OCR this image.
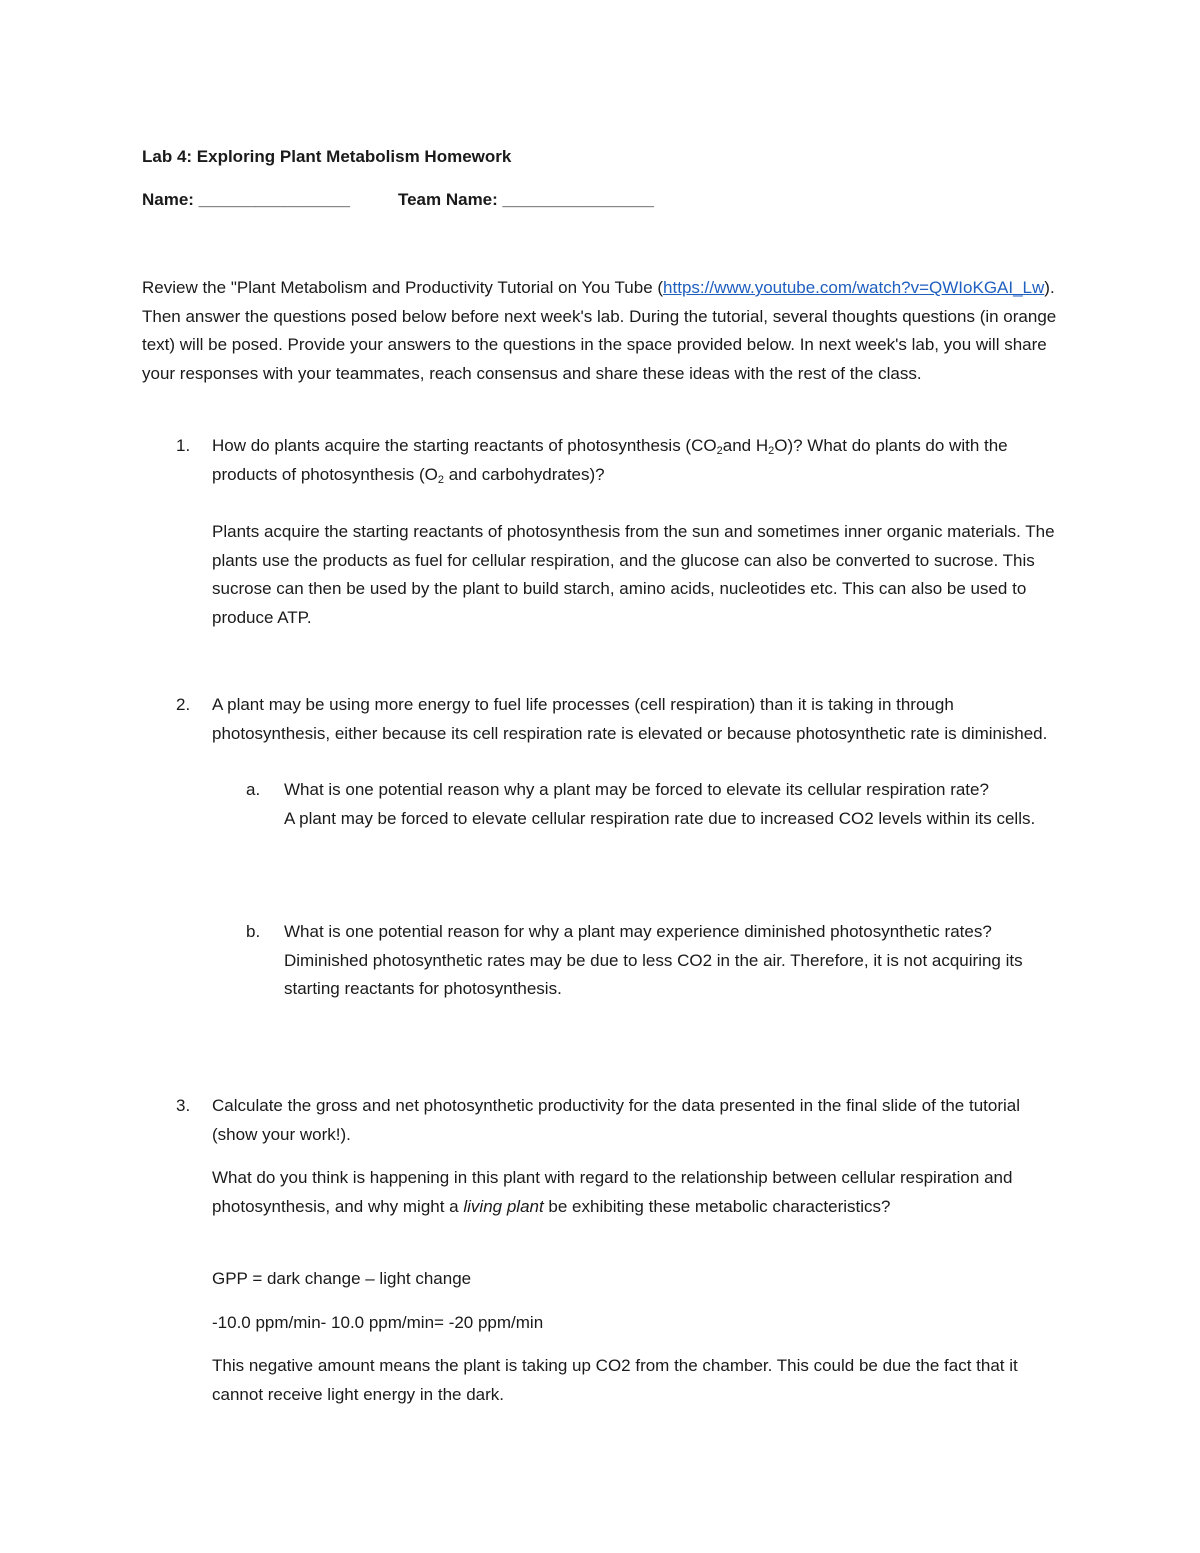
Lab 4: Exploring Plant Metabolism Homework
Name: ________________	Team Name: ________________
Review the "Plant Metabolism and Productivity Tutorial on You Tube (https://www.youtube.com/watch?v=QWIoKGAI_Lw). Then answer the questions posed below before next week's lab. During the tutorial, several thoughts questions (in orange text) will be posed. Provide your answers to the questions in the space provided below. In next week's lab, you will share your responses with your teammates, reach consensus and share these ideas with the rest of the class.
1. How do plants acquire the starting reactants of photosynthesis ($CO_2and$ $H_2O$)? What do plants do with the products of photosynthesis ($O_2$ and carbohydrates)?
Plants acquire the starting reactants of photosynthesis from the sun and sometimes inner organic materials. The plants use the products as fuel for cellular respiration, and the glucose can also be converted to sucrose. This sucrose can then be used by the plant to build starch, amino acids, nucleotides etc. This can also be used to produce ATP.
2. A plant may be using more energy to fuel life processes (cell respiration) than it is taking in through photosynthesis, either because its cell respiration rate is elevated or because photosynthetic rate is diminished.
a. What is one potential reason why a plant may be forced to elevate its cellular respiration rate?
A plant may be forced to elevate cellular respiration rate due to increased CO2 levels within its cells.
b. What is one potential reason for why a plant may experience diminished photosynthetic rates?
Diminished photosynthetic rates may be due to less CO2 in the air. Therefore, it is not acquiring its starting reactants for photosynthesis.
3. Calculate the gross and net photosynthetic productivity for the data presented in the final slide of the tutorial (show your work!).
What do you think is happening in this plant with regard to the relationship between cellular respiration and photosynthesis, and why might a living plant be exhibiting these metabolic characteristics?
GPP = dark change – light change
-10.0 ppm/min- 10.0 ppm/min= -20 ppm/min
This negative amount means the plant is taking up CO2 from the chamber. This could be due the fact that it cannot receive light energy in the dark.
